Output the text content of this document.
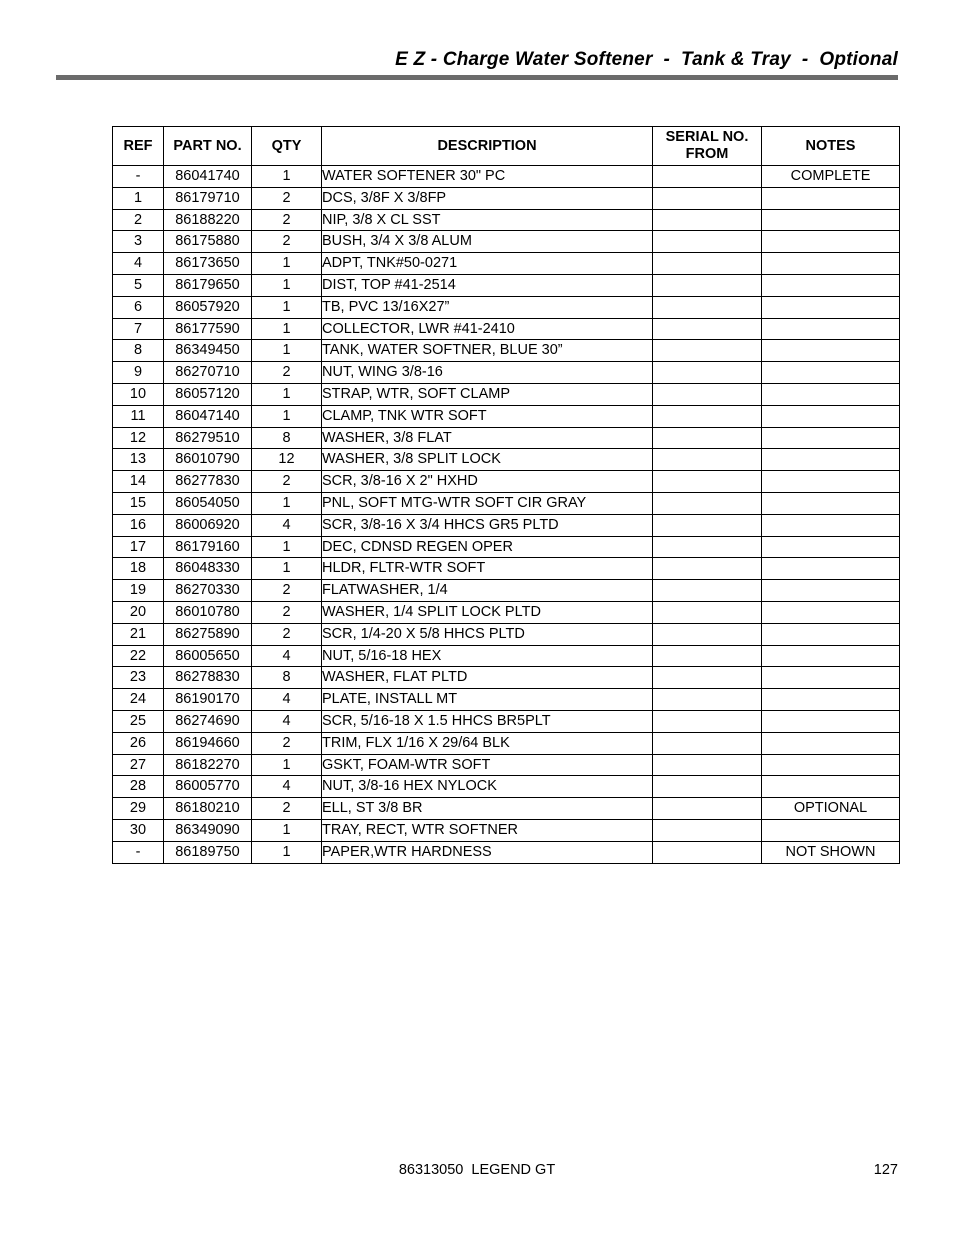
E Z - Charge Water Softener  -  Tank & Tray  -  Optional
REF	PART NO.	QTY	DESCRIPTION	SERIAL NO.
FROM	NOTES
-	86041740	1	WATER SOFTENER 30" PC		COMPLETE
1	86179710	2	DCS, 3/8F X 3/8FP		
2	86188220	2	NIP, 3/8 X CL SST		
3	86175880	2	BUSH, 3/4 X 3/8 ALUM		
4	86173650	1	ADPT, TNK#50-0271		
5	86179650	1	DIST, TOP #41-2514		
6	86057920	1	TB, PVC 13/16X27”		
7	86177590	1	COLLECTOR, LWR #41-2410		
8	86349450	1	TANK, WATER SOFTNER, BLUE 30”		
9	86270710	2	NUT, WING 3/8-16		
10	86057120	1	STRAP, WTR, SOFT CLAMP		
11	86047140	1	CLAMP, TNK WTR SOFT		
12	86279510	8	WASHER, 3/8 FLAT		
13	86010790	12	WASHER, 3/8 SPLIT LOCK		
14	86277830	2	SCR, 3/8-16 X 2" HXHD		
15	86054050	1	PNL, SOFT MTG-WTR SOFT CIR GRAY		
16	86006920	4	SCR, 3/8-16 X 3/4 HHCS GR5 PLTD		
17	86179160	1	DEC, CDNSD REGEN OPER		
18	86048330	1	HLDR, FLTR-WTR SOFT		
19	86270330	2	FLATWASHER, 1/4		
20	86010780	2	WASHER, 1/4 SPLIT LOCK PLTD		
21	86275890	2	SCR, 1/4-20 X 5/8 HHCS PLTD		
22	86005650	4	NUT, 5/16-18 HEX		
23	86278830	8	WASHER, FLAT PLTD		
24	86190170	4	PLATE, INSTALL MT		
25	86274690	4	SCR, 5/16-18 X 1.5 HHCS BR5PLT		
26	86194660	2	TRIM, FLX 1/16 X 29/64 BLK		
27	86182270	1	GSKT, FOAM-WTR SOFT		
28	86005770	4	NUT, 3/8-16 HEX NYLOCK		
29	86180210	2	ELL, ST 3/8 BR		OPTIONAL
30	86349090	1	TRAY, RECT, WTR SOFTNER		
-	86189750	1	PAPER,WTR HARDNESS		NOT SHOWN
86313050  LEGEND GT	127
